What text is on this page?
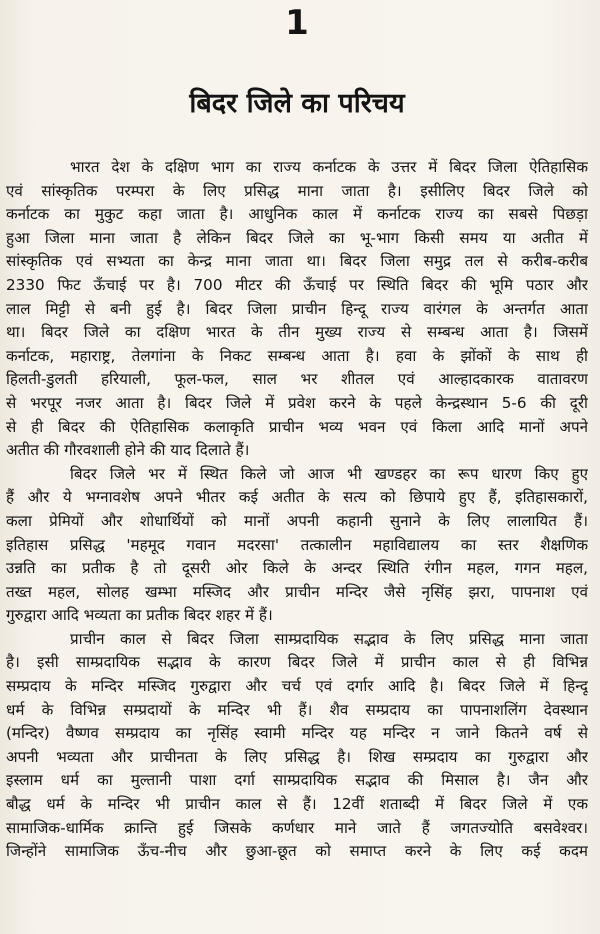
1
बिदर जिले का परिचय
भारत देश के दक्षिण भाग का राज्य कर्नाटक के उत्तर में बिदर जिला ऐतिहासिक
एवं सांस्कृतिक परम्परा के लिए प्रसिद्ध माना जाता है। इसीलिए बिदर जिले को
कर्नाटक का मुकुट कहा जाता है। आधुनिक काल में कर्नाटक राज्य का सबसे पिछड़ा
हुआ जिला माना जाता है लेकिन बिदर जिले का भू-भाग किसी समय या अतीत में
सांस्कृतिक एवं सभ्यता का केन्द्र माना जाता था। बिदर जिला समुद्र तल से करीब-करीब
2330 फिट ऊँचाई पर है। 700 मीटर की ऊँचाई पर स्थिति बिदर की भूमि पठार और
लाल मिट्टी से बनी हुई है। बिदर जिला प्राचीन हिन्दू राज्य वारंगल के अन्तर्गत आता
था। बिदर जिले का दक्षिण भारत के तीन मुख्य राज्य से सम्बन्ध आता है। जिसमें
कर्नाटक, महाराष्ट्र, तेलगांना के निकट सम्बन्ध आता है। हवा के झोंकों के साथ ही
हिलती-डुलती हरियाली, फूल-फल, साल भर शीतल एवं आल्हादकारक वातावरण
से भरपूर नजर आता है। बिदर जिले में प्रवेश करने के पहले केन्द्रस्थान 5-6 की दूरी
से ही बिदर की ऐतिहासिक कलाकृति प्राचीन भव्य भवन एवं किला आदि मानों अपने
अतीत की गौरवशाली होने की याद दिलाते हैं।
बिदर जिले भर में स्थित किले जो आज भी खण्डहर का रूप धारण किए हुए
हैं और ये भग्नावशेष अपने भीतर कई अतीत के सत्य को छिपाये हुए हैं, इतिहासकारों,
कला प्रेमियों और शोधार्थियों को मानों अपनी कहानी सुनाने के लिए लालायित हैं।
इतिहास प्रसिद्ध 'महमूद गवान मदरसा' तत्कालीन महाविद्यालय का स्तर शैक्षणिक
उन्नति का प्रतीक है तो दूसरी ओर किले के अन्दर स्थिति रंगीन महल, गगन महल,
तख्त महल, सोलह खम्भा मस्जिद और प्राचीन मन्दिर जैसे नृसिंह झरा, पापनाश एवं
गुरुद्वारा आदि भव्यता का प्रतीक बिदर शहर में हैं।
प्राचीन काल से बिदर जिला साम्प्रदायिक सद्भाव के लिए प्रसिद्ध माना जाता
है। इसी साम्प्रदायिक सद्भाव के कारण बिदर जिले में प्राचीन काल से ही विभिन्न
सम्प्रदाय के मन्दिर मस्जिद गुरुद्वारा और चर्च एवं दर्गार आदि है। बिदर जिले में हिन्दू
धर्म के विभिन्न सम्प्रदायों के मन्दिर भी हैं। शैव सम्प्रदाय का पापनाशलिंग देवस्थान
(मन्दिर) वैष्णव सम्प्रदाय का नृसिंह स्वामी मन्दिर यह मन्दिर न जाने कितने वर्ष से
अपनी भव्यता और प्राचीनता के लिए प्रसिद्ध है। शिख सम्प्रदाय का गुरुद्वारा और
इस्लाम धर्म का मुल्तानी पाशा दर्गा साम्प्रदायिक सद्भाव की मिसाल है। जैन और
बौद्ध धर्म के मन्दिर भी प्राचीन काल से हैं। 12वीं शताब्दी में बिदर जिले में एक
सामाजिक-धार्मिक क्रान्ति हुई जिसके कर्णधार माने जाते हैं जगतज्योति बसवेश्वर।
जिन्होंने सामाजिक ऊँच-नीच और छुआ-छूत को समाप्त करने के लिए कई कदम
